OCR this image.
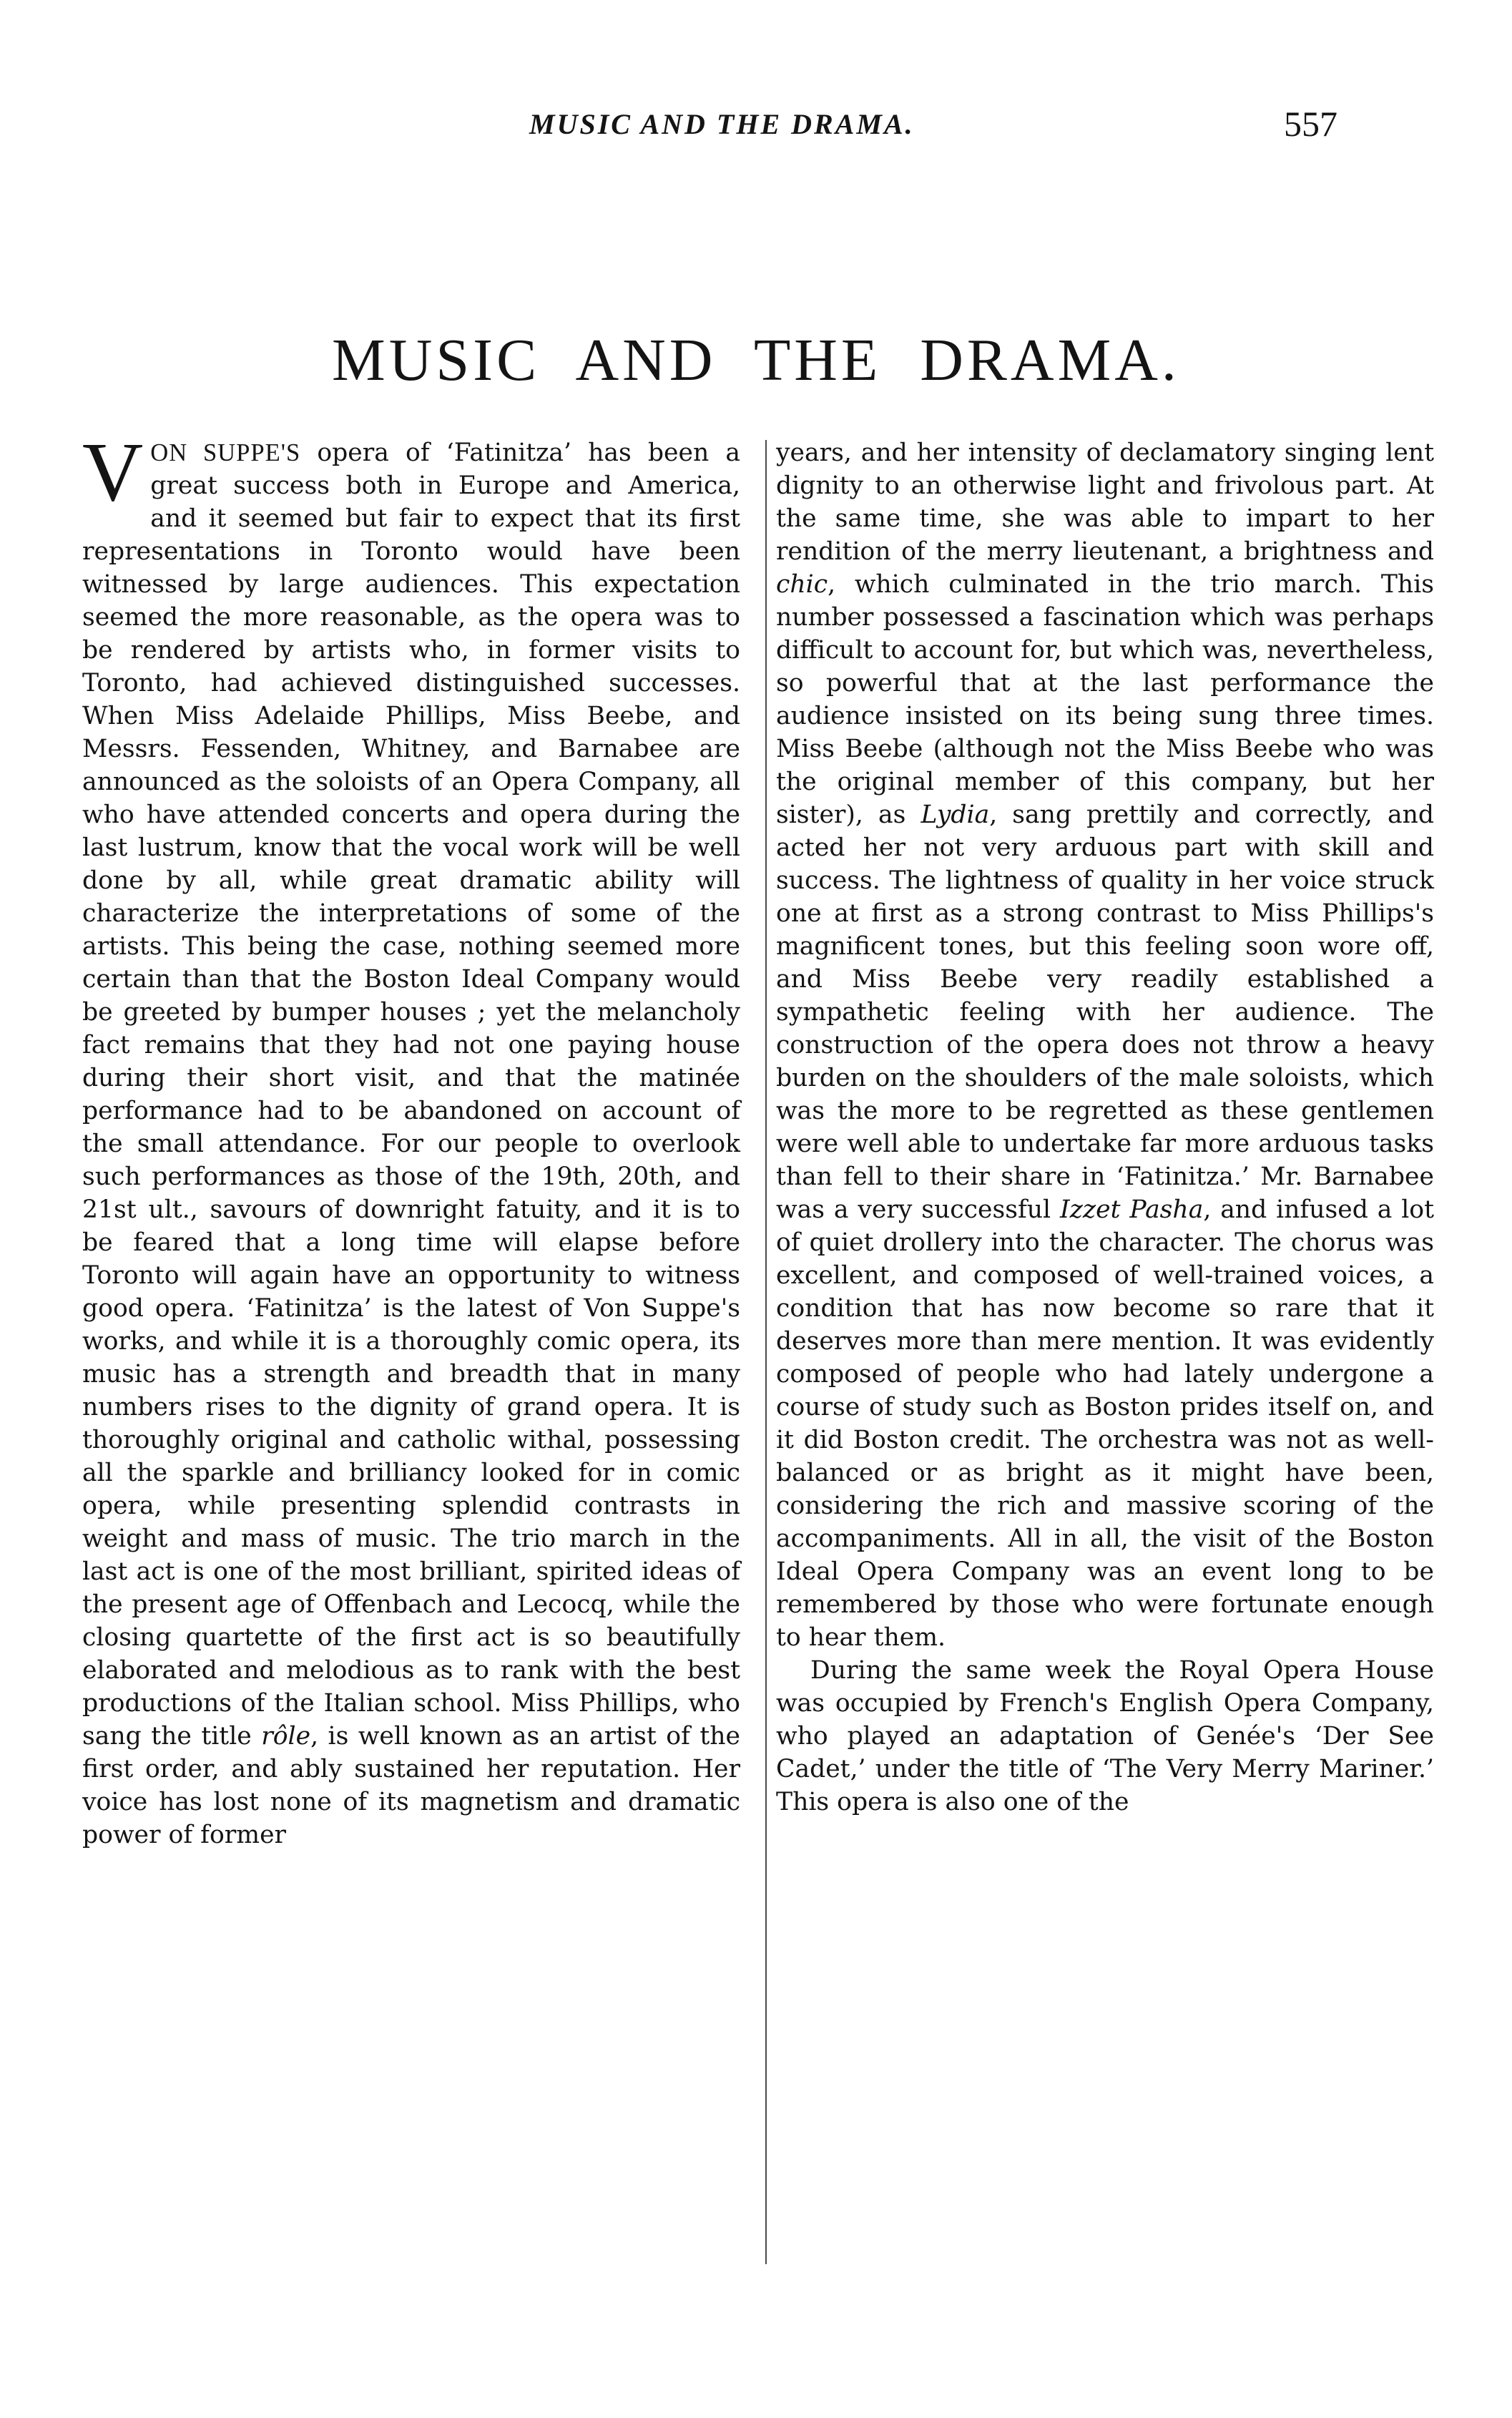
MUSIC AND THE DRAMA.	557
MUSIC AND THE DRAMA.

VON SUPPE'S opera of ‘Fatinitza’ has been a great success both in Europe and America, and it seemed but fair to expect that its first representations in Toronto would have been witnessed by large audiences. This expectation seemed the more reasonable, as the opera was to be rendered by artists who, in former visits to Toronto, had achieved distinguished successes. When Miss Adelaide Phillips, Miss Beebe, and Messrs. Fessenden, Whitney, and Barnabee are announced as the soloists of an Opera Company, all who have attended concerts and opera during the last lustrum, know that the vocal work will be well done by all, while great dramatic ability will characterize the interpretations of some of the artists. This being the case, nothing seemed more certain than that the Boston Ideal Company would be greeted by bumper houses ; yet the melancholy fact remains that they had not one paying house during their short visit, and that the matinée performance had to be abandoned on account of the small attendance. For our people to overlook such performances as those of the 19th, 20th, and 21st ult., savours of downright fatuity, and it is to be feared that a long time will elapse before Toronto will again have an opportunity to witness good opera. ‘Fatinitza’ is the latest of Von Suppe's works, and while it is a thoroughly comic opera, its music has a strength and breadth that in many numbers rises to the dignity of grand opera. It is thoroughly original and catholic withal, possessing all the sparkle and brilliancy looked for in comic opera, while presenting splendid contrasts in weight and mass of music. The trio march in the last act is one of the most brilliant, spirited ideas of the present age of Offenbach and Lecocq, while the closing quartette of the first act is so beautifully elaborated and melodious as to rank with the best productions of the Italian school. Miss Phillips, who sang the title rôle, is well known as an artist of the first order, and ably sustained her reputation. Her voice has lost none of its magnetism and dramatic power of former

years, and her intensity of declamatory singing lent dignity to an otherwise light and frivolous part. At the same time, she was able to impart to her rendition of the merry lieutenant, a brightness and chic, which culminated in the trio march. This number possessed a fascination which was perhaps difficult to account for, but which was, nevertheless, so powerful that at the last performance the audience insisted on its being sung three times. Miss Beebe (although not the Miss Beebe who was the original member of this company, but her sister), as Lydia, sang prettily and correctly, and acted her not very arduous part with skill and success. The lightness of quality in her voice struck one at first as a strong contrast to Miss Phillips's magnificent tones, but this feeling soon wore off, and Miss Beebe very readily established a sympathetic feeling with her audience. The construction of the opera does not throw a heavy burden on the shoulders of the male soloists, which was the more to be regretted as these gentlemen were well able to undertake far more arduous tasks than fell to their share in ‘Fatinitza.’ Mr. Barnabee was a very successful Izzet Pasha, and infused a lot of quiet drollery into the character. The chorus was excellent, and composed of well-trained voices, a condition that has now become so rare that it deserves more than mere mention. It was evidently composed of people who had lately undergone a course of study such as Boston prides itself on, and it did Boston credit. The orchestra was not as well-balanced or as bright as it might have been, considering the rich and massive scoring of the accompaniments. All in all, the visit of the Boston Ideal Opera Company was an event long to be remembered by those who were fortunate enough to hear them.

During the same week the Royal Opera House was occupied by French's English Opera Company, who played an adaptation of Genée's ‘Der See Cadet,’ under the title of ‘The Very Merry Mariner.’ This opera is also one of the
